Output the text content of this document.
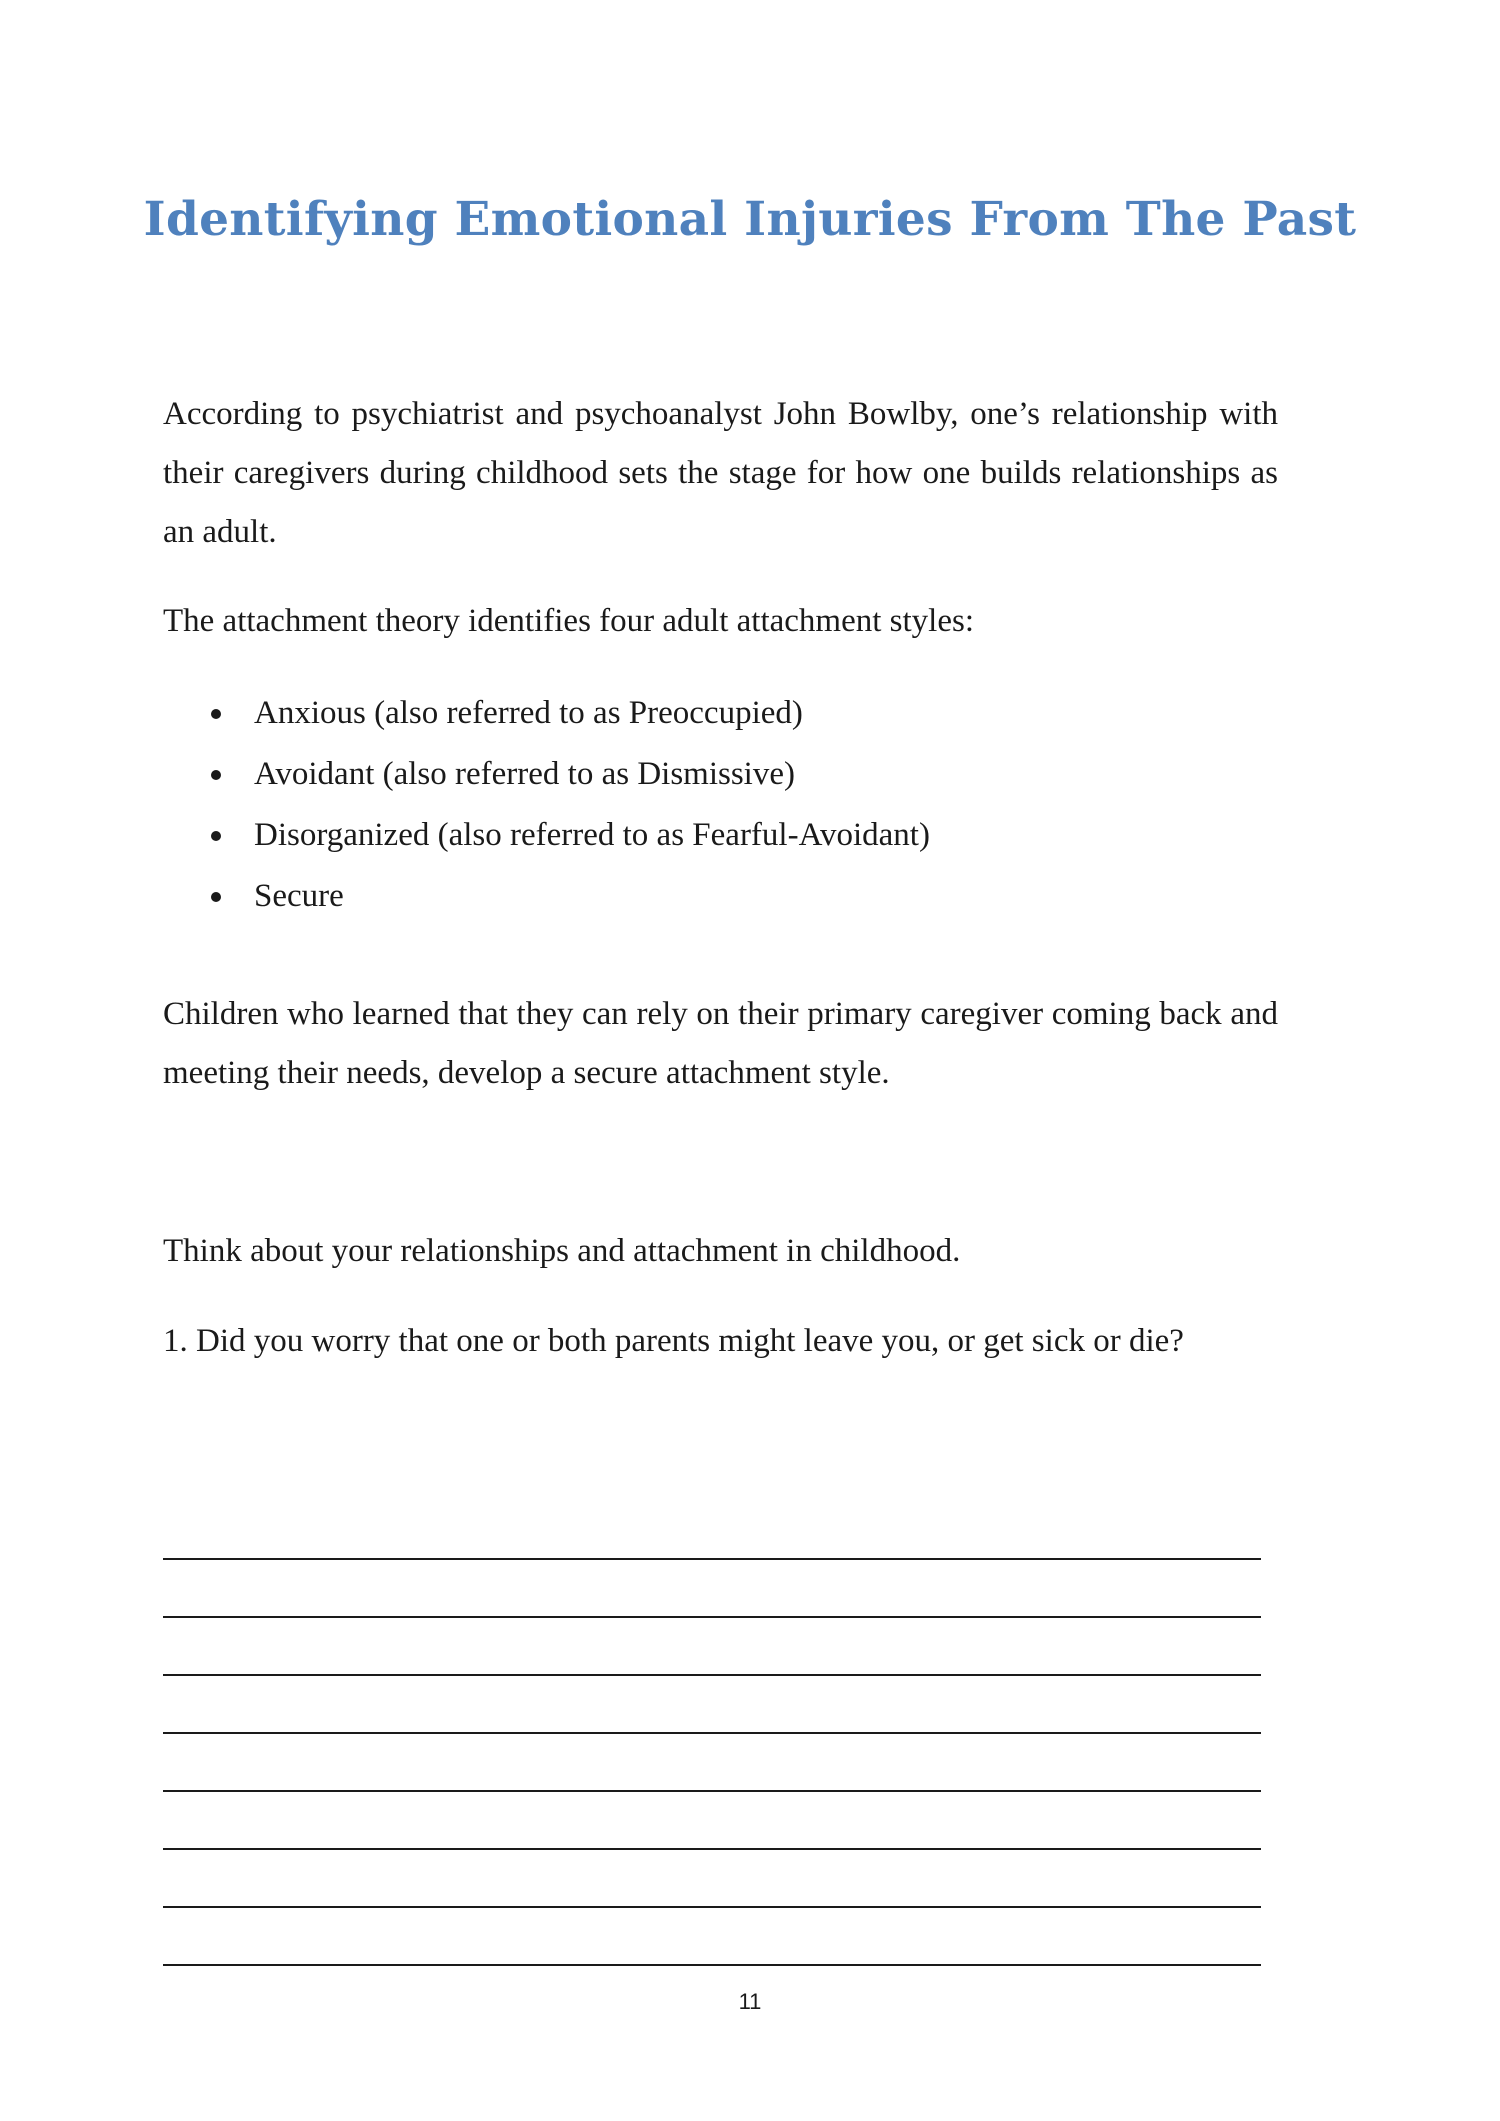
Identifying Emotional Injuries From The Past

According to psychiatrist and psychoanalyst John Bowlby, one’s relationship with their caregivers during childhood sets the stage for how one builds relationships as an adult.

The attachment theory identifies four adult attachment styles:

Anxious (also referred to as Preoccupied)
Avoidant (also referred to as Dismissive)
Disorganized (also referred to as Fearful-Avoidant)
Secure

Children who learned that they can rely on their primary caregiver coming back and meeting their needs, develop a secure attachment style.

Think about your relationships and attachment in childhood.

1. Did you worry that one or both parents might leave you, or get sick or die?

11
